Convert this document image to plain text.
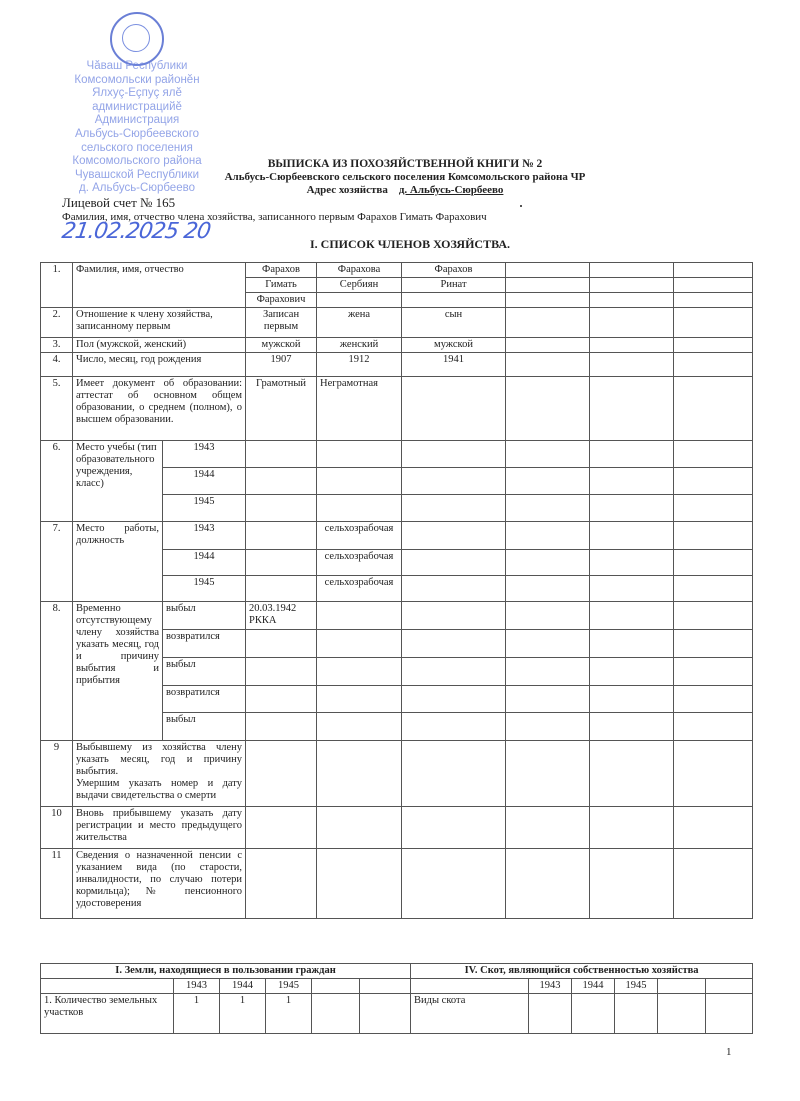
Чăваш Республики
Комсомольски районĕн
Ялхуç-Ĕçпуç ялĕ
администрацийĕ
Администрация
Альбусь-Сюрбеевского
сельского поселения
Комсомольского района
Чувашской Республики
д. Альбусь-Сюрбеево
ВЫПИСКА ИЗ ПОХОЗЯЙСТВЕННОЙ КНИГИ № 2
Альбусь-Сюрбеевского сельского поселения Комсомольского района ЧР
Адрес хозяйства д. Альбусь-Сюрбеево
Лицевой счет № 165
Фамилия, имя, отчество члена хозяйства, записанного первым Фарахов Гимать Фарахович
21.02.2025 20	I. СПИСОК ЧЛЕНОВ ХОЗЯЙСТВА.
1.	Фамилия, имя, отчество		Фарахов	Фарахова	Фарахов			
			Гимать	Сербиян	Ринат			
			Фарахович					
2.	Отношение к члену хозяйства, записанному первым		Записан первым	жена	сын			
3.	Пол (мужской, женский)		мужской	женский	мужской			
4.	Число, месяц, год рождения		1907	1912	1941			
5.	Имеет документ об образовании: аттестат об основном общем образовании, о среднем (полном), о высшем образовании.		Грамотный	Неграмотная				
6.	Место учебы (тип образовательного учреждения, класс)	1943						
		1944						
		1945						
7.	Место работы, должность	1943		сельхозрабочая				
		1944		сельхозрабочая				
		1945		сельхозрабочая				
8.	Временно отсутствующему члену хозяйства указать месяц, год и причину выбытия и прибытия	выбыл	20.03.1942 РККА					
		возвратился						
		выбыл						
		возвратился						
		выбыл						
9	Выбывшему из хозяйства члену указать месяц, год и причину выбытия.
Умершим указать номер и дату выдачи свидетельства о смерти							
10	Вновь прибывшему указать дату регистрации и место предыдущего жительства							
11	Сведения о назначенной пенсии с указанием вида (по старости, инвалидности, по случаю потери кормильца); № пенсионного удостоверения							
I. Земли, находящиеся в пользовании граждан						IV. Скот, являющийся собственностью хозяйства					
	1943	1944	1945				1943	1944	1945		
1. Количество земельных участков	1	1	1			Виды скота					
1
